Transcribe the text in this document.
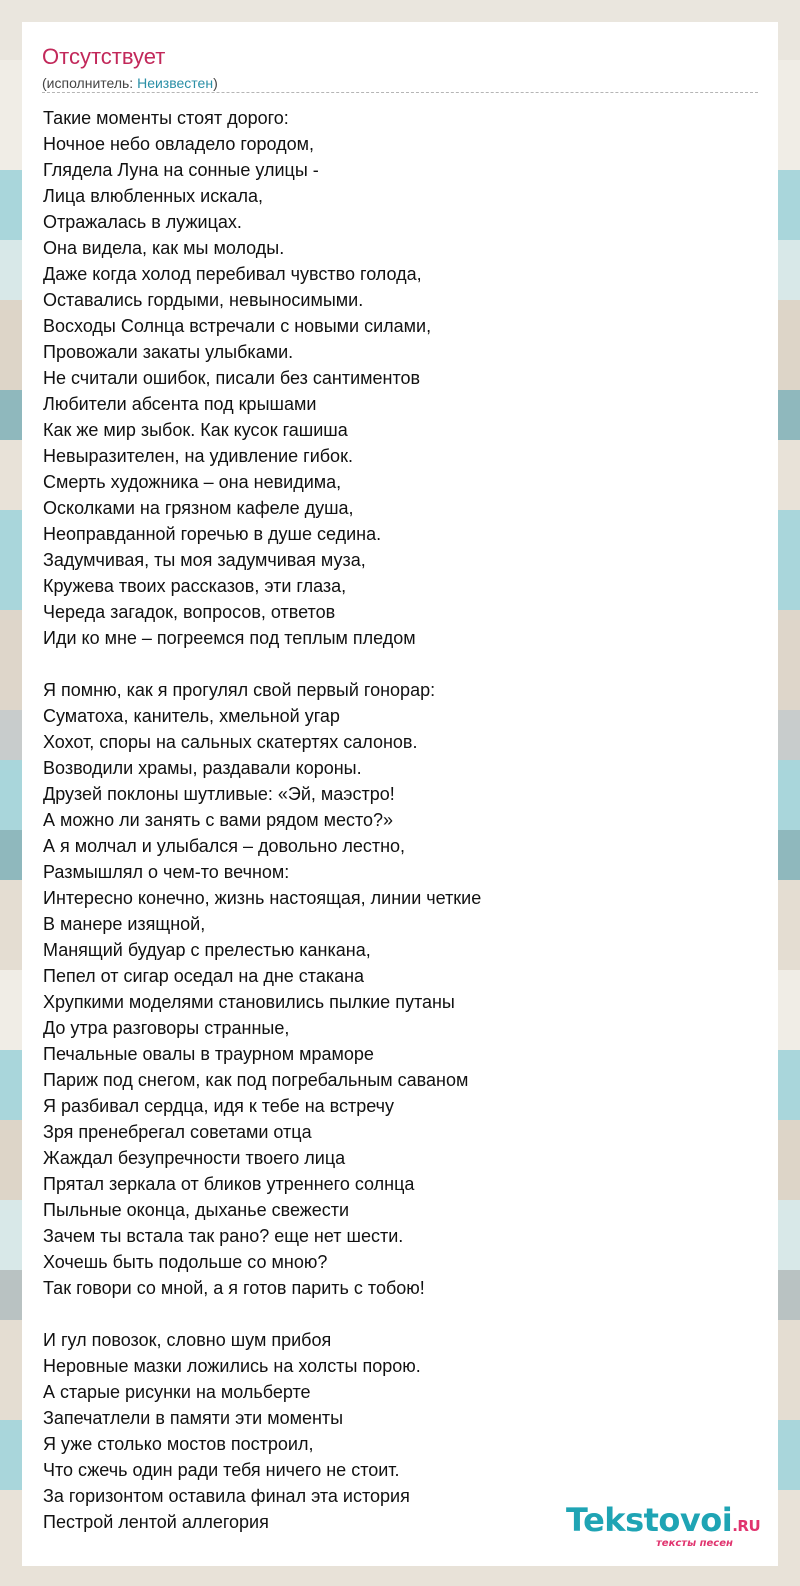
Отсутствует
(исполнитель: Неизвестен)
Такие моменты стоят дорого:
Ночное небо овладело городом,
Глядела Луна на сонные улицы -
Лица влюбленных искала,
Отражалась в лужицах.
Она видела, как мы молоды.
Даже когда холод перебивал чувство голода,
Оставались гордыми, невыносимыми.
Восходы Солнца встречали с новыми силами,
Провожали закаты улыбками.
Не считали ошибок, писали без сантиментов
Любители абсента под крышами
Как же мир зыбок. Как кусок гашиша
Невыразителен, на удивление гибок.
Смерть художника – она невидима,
Осколками на грязном кафеле душа,
Неоправданной горечью в душе седина.
Задумчивая, ты моя задумчивая муза,
Кружева твоих рассказов, эти глаза,
Череда загадок, вопросов, ответов
Иди ко мне – погреемся под теплым пледом
Я помню, как я прогулял свой первый гонорар:
Суматоха, канитель, хмельной угар
Хохот, споры на сальных скатертях салонов.
Возводили храмы, раздавали короны.
Друзей поклоны шутливые: «Эй, маэстро!
А можно ли занять с вами рядом место?»
А я молчал и улыбался – довольно лестно,
Размышлял о чем-то вечном:
Интересно конечно, жизнь настоящая, линии четкие
В манере изящной,
Манящий будуар с прелестью канкана,
Пепел от сигар оседал на дне стакана
Хрупкими моделями становились пылкие путаны
До утра разговоры странные,
Печальные овалы в траурном мраморе
Париж под снегом, как под погребальным саваном
Я разбивал сердца, идя к тебе на встречу
Зря пренебрегал советами отца
Жаждал безупречности твоего лица
Прятал зеркала от бликов утреннего солнца
Пыльные оконца, дыханье свежести
Зачем ты встала так рано? еще нет шести.
Хочешь быть подольше со мною?
Так говори со мной, а я готов парить с тобою!
И гул повозок, словно шум прибоя
Неровные мазки ложились на холсты порою.
А старые рисунки на мольберте
Запечатлели в памяти эти моменты
Я уже столько мостов построил,
Что сжечь один ради тебя ничего не стоит.
За горизонтом оставила финал эта история
Пестрой лентой аллегория	Tekstovoi.RU
тексты песен
